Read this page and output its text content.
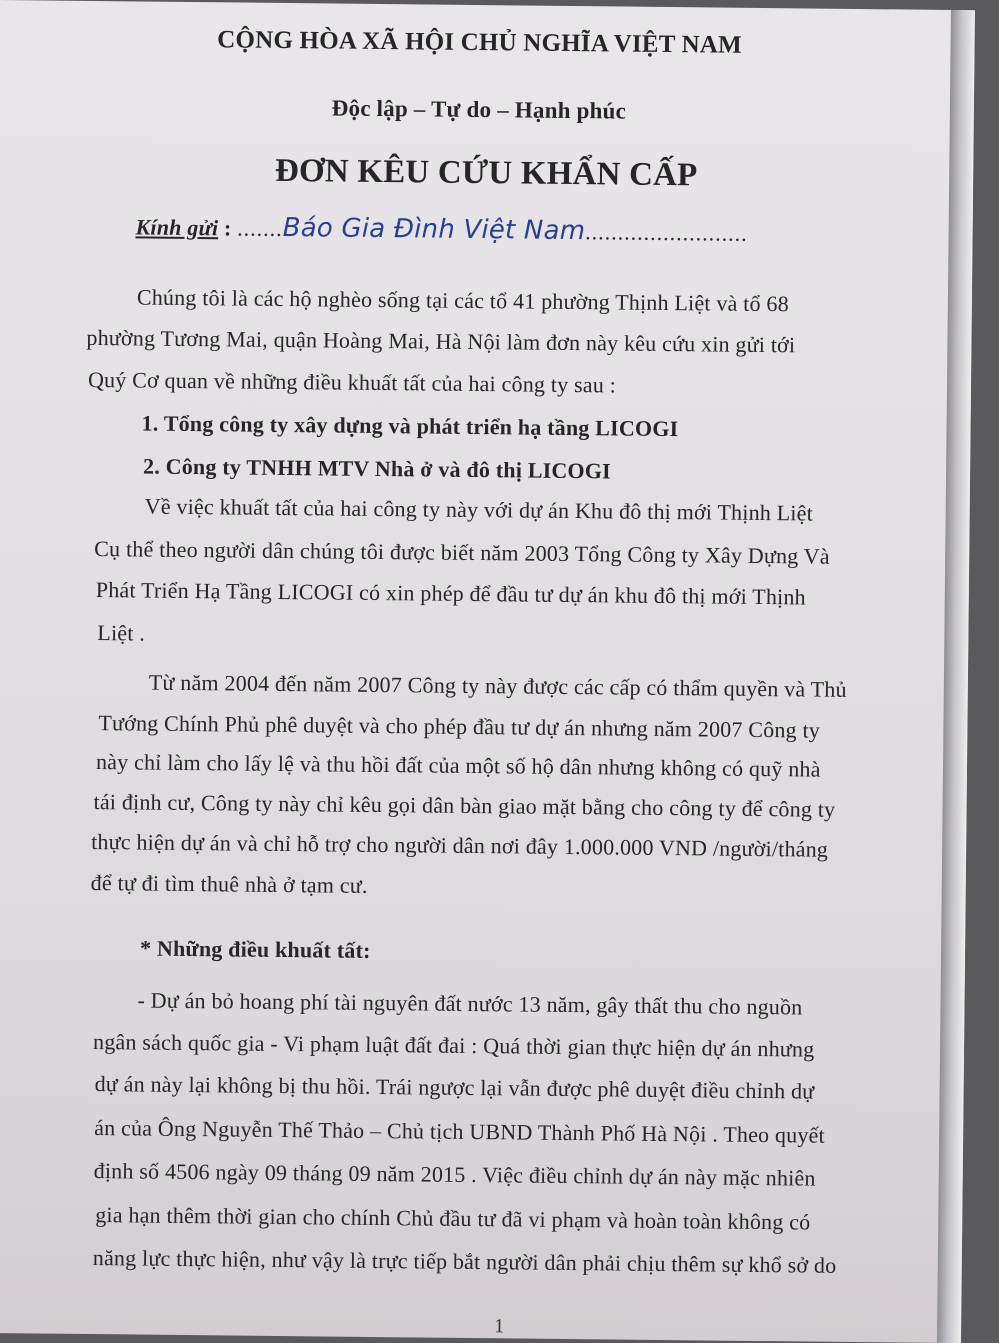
CỘNG HÒA XÃ HỘI CHỦ NGHĨA VIỆT NAM
Độc lập – Tự do – Hạnh phúc
ĐƠN KÊU CỨU KHẨN CẤP
Kính gửi : .......Báo Gia Đình Việt Nam.........................
Chúng tôi là các hộ nghèo sống tại các tổ 41 phường Thịnh Liệt và tổ 68
phường Tương Mai, quận Hoàng Mai, Hà Nội làm đơn này kêu cứu xin gửi tới
Quý Cơ quan về những điều khuất tất của hai công ty sau :
1. Tổng công ty xây dựng và phát triển hạ tầng LICOGI
2. Công ty TNHH MTV Nhà ở và đô thị LICOGI
Về việc khuất tất của hai công ty này với dự án Khu đô thị mới Thịnh Liệt
Cụ thể theo người dân chúng tôi được biết năm 2003 Tổng Công ty Xây Dựng Và
Phát Triển Hạ Tầng LICOGI có xin phép để đầu tư dự án khu đô thị mới Thịnh
Liệt .
Từ năm 2004 đến năm 2007 Công ty này được các cấp có thẩm quyền và Thủ
Tướng Chính Phủ phê duyệt và cho phép đầu tư dự án nhưng năm 2007 Công ty
này chỉ làm cho lấy lệ và thu hồi đất của một số hộ dân nhưng không có quỹ nhà
tái định cư, Công ty này chỉ kêu gọi dân bàn giao mặt bằng cho công ty để công ty
thực hiện dự án và chỉ hỗ trợ cho người dân nơi đây 1.000.000 VND /người/tháng
để tự đi tìm thuê nhà ở tạm cư.
* Những điều khuất tất:
- Dự án bỏ hoang phí tài nguyên đất nước 13 năm, gây thất thu cho nguồn
ngân sách quốc gia - Vi phạm luật đất đai : Quá thời gian thực hiện dự án nhưng
dự án này lại không bị thu hồi. Trái ngược lại vẫn được phê duyệt điều chỉnh dự
án của Ông Nguyễn Thế Thảo – Chủ tịch UBND Thành Phố Hà Nội . Theo quyết
định số 4506 ngày 09 tháng 09 năm 2015 . Việc điều chỉnh dự án này mặc nhiên
gia hạn thêm thời gian cho chính Chủ đầu tư đã vi phạm và hoàn toàn không có
năng lực thực hiện, như vậy là trực tiếp bắt người dân phải chịu thêm sự khổ sở do
1
